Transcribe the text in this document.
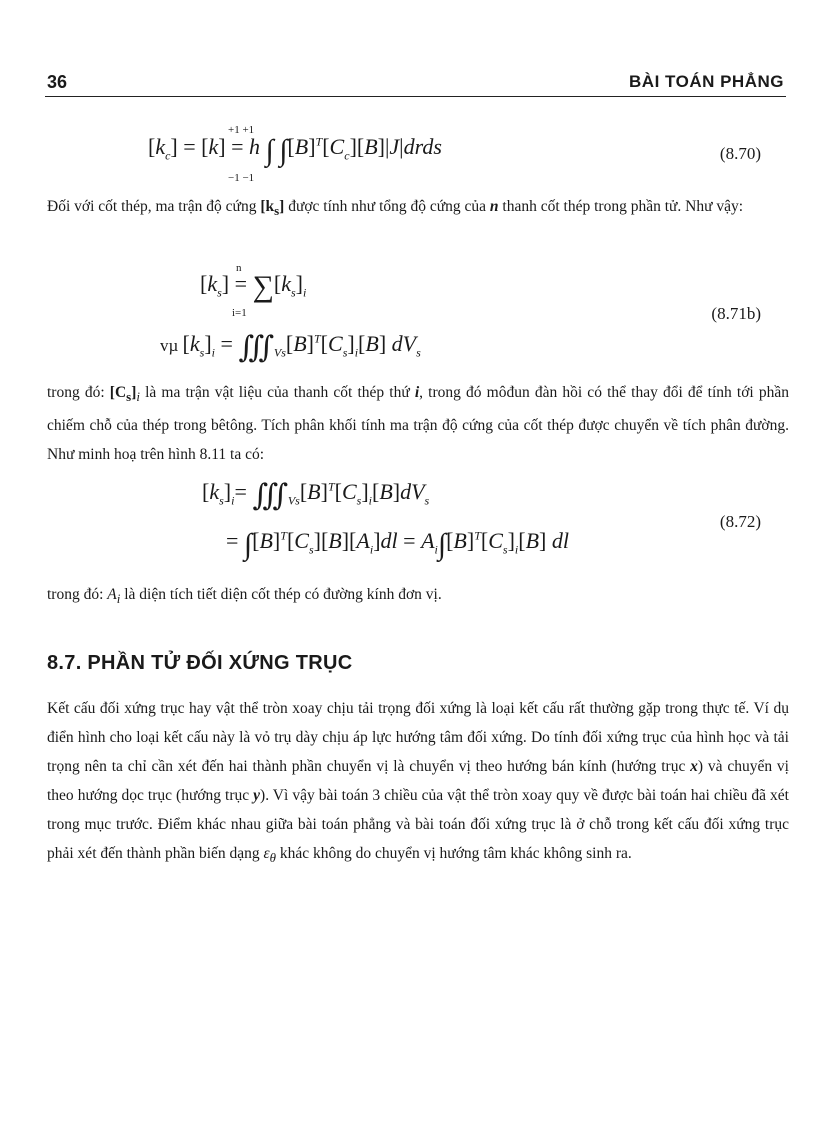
36	BÀI TOÁN PHẲNG
$[k_c] = [k] = h$ ∫ $\int[B]^T[C_c][B]|J|drds$
+1 +1
−1 −1
(8.70)
Đối với cốt thép, ma trận độ cứng $[k_s]$ được tính như tổng độ cứng của n thanh cốt thép trong phần tử. Như vậy:
n
$[k_s] = \sum[k_s]_i$
i=1
vµ $[k_s]_i$ = $∭_{Vs}[B]^T[C_s]_i[B]$ $dV_s$
(8.71b)
trong đó: $[C_s]_i$ là ma trận vật liệu của thanh cốt thép thứ i, trong đó môđun đàn hồi có thể thay đổi để tính tới phần chiếm chỗ của thép trong bêtông. Tích phân khối tính ma trận độ cứng của cốt thép được chuyển về tích phân đường. Như minh hoạ trên hình 8.11 ta có:
$[k_s]_i=$ $∭_{Vs}[B]^T[C_s]_i[B]dV_s$
= $\int[B]^T[C_s][B][A_i]dl = A_i\int[B]^T[C_s]_i[B]$ dl
(8.72)
trong đó: $A_i$ là diện tích tiết diện cốt thép có đường kính đơn vị.
8.7. PHẦN TỬ ĐỐI XỨNG TRỤC
Kết cấu đối xứng trục hay vật thể tròn xoay chịu tải trọng đối xứng là loại kết cấu rất thường gặp trong thực tế. Ví dụ điển hình cho loại kết cấu này là vỏ trụ dày chịu áp lực hướng tâm đối xứng. Do tính đối xứng trục của hình học và tải trọng nên ta chỉ cần xét đến hai thành phần chuyển vị là chuyển vị theo hướng bán kính (hướng trục x) và chuyển vị theo hướng dọc trục (hướng trục y). Vì vậy bài toán 3 chiều của vật thể tròn xoay quy về được bài toán hai chiều đã xét trong mục trước. Điểm khác nhau giữa bài toán phẳng và bài toán đối xứng trục là ở chỗ trong kết cấu đối xứng trục phải xét đến thành phần biến dạng $\varepsilon_\theta$ khác không do chuyển vị hướng tâm khác không sinh ra.
